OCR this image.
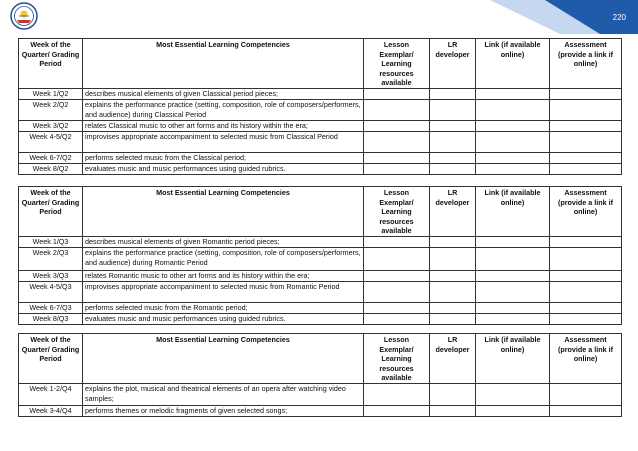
220
Week of the Quarter/ Grading Period	Most Essential Learning Competencies	Lesson Exemplar/ Learning resources available	LR developer	Link (if available online)	Assessment (provide a link if online)
Week 1/Q2	describes musical elements of given Classical period pieces;				
Week 2/Q2	explains the performance practice (setting, composition, role of composers/performers, and audience) during Classical Period				
Week 3/Q2	relates Classical music to other art forms and its history within the era;				
Week 4-5/Q2	improvises appropriate accompaniment to selected music from Classical Period				
Week 6-7/Q2	performs selected music from the Classical period;				
Week 8/Q2	evaluates music and music performances using guided rubrics.				
Week of the Quarter/ Grading Period	Most Essential Learning Competencies	Lesson Exemplar/ Learning resources available	LR developer	Link (if available online)	Assessment (provide a link if online)
Week 1/Q3	describes musical elements of given Romantic period pieces;				
Week 2/Q3	explains the performance practice (setting, composition, role of composers/performers, and audience) during Romantic Period				
Week 3/Q3	relates Romantic music to other art forms and its history within the era;				
Week 4-5/Q3	improvises appropriate accompaniment to selected music from Romantic Period				
Week 6-7/Q3	performs selected music from the Romantic period;				
Week 8/Q3	evaluates music and music performances using guided rubrics.				
Week of the Quarter/ Grading Period	Most Essential Learning Competencies	Lesson Exemplar/ Learning resources available	LR developer	Link (if available online)	Assessment (provide a link if online)
Week 1-2/Q4	explains the plot, musical and theatrical elements of an opera after watching video samples;				
Week 3-4/Q4	performs themes or melodic fragments of given selected songs;				
